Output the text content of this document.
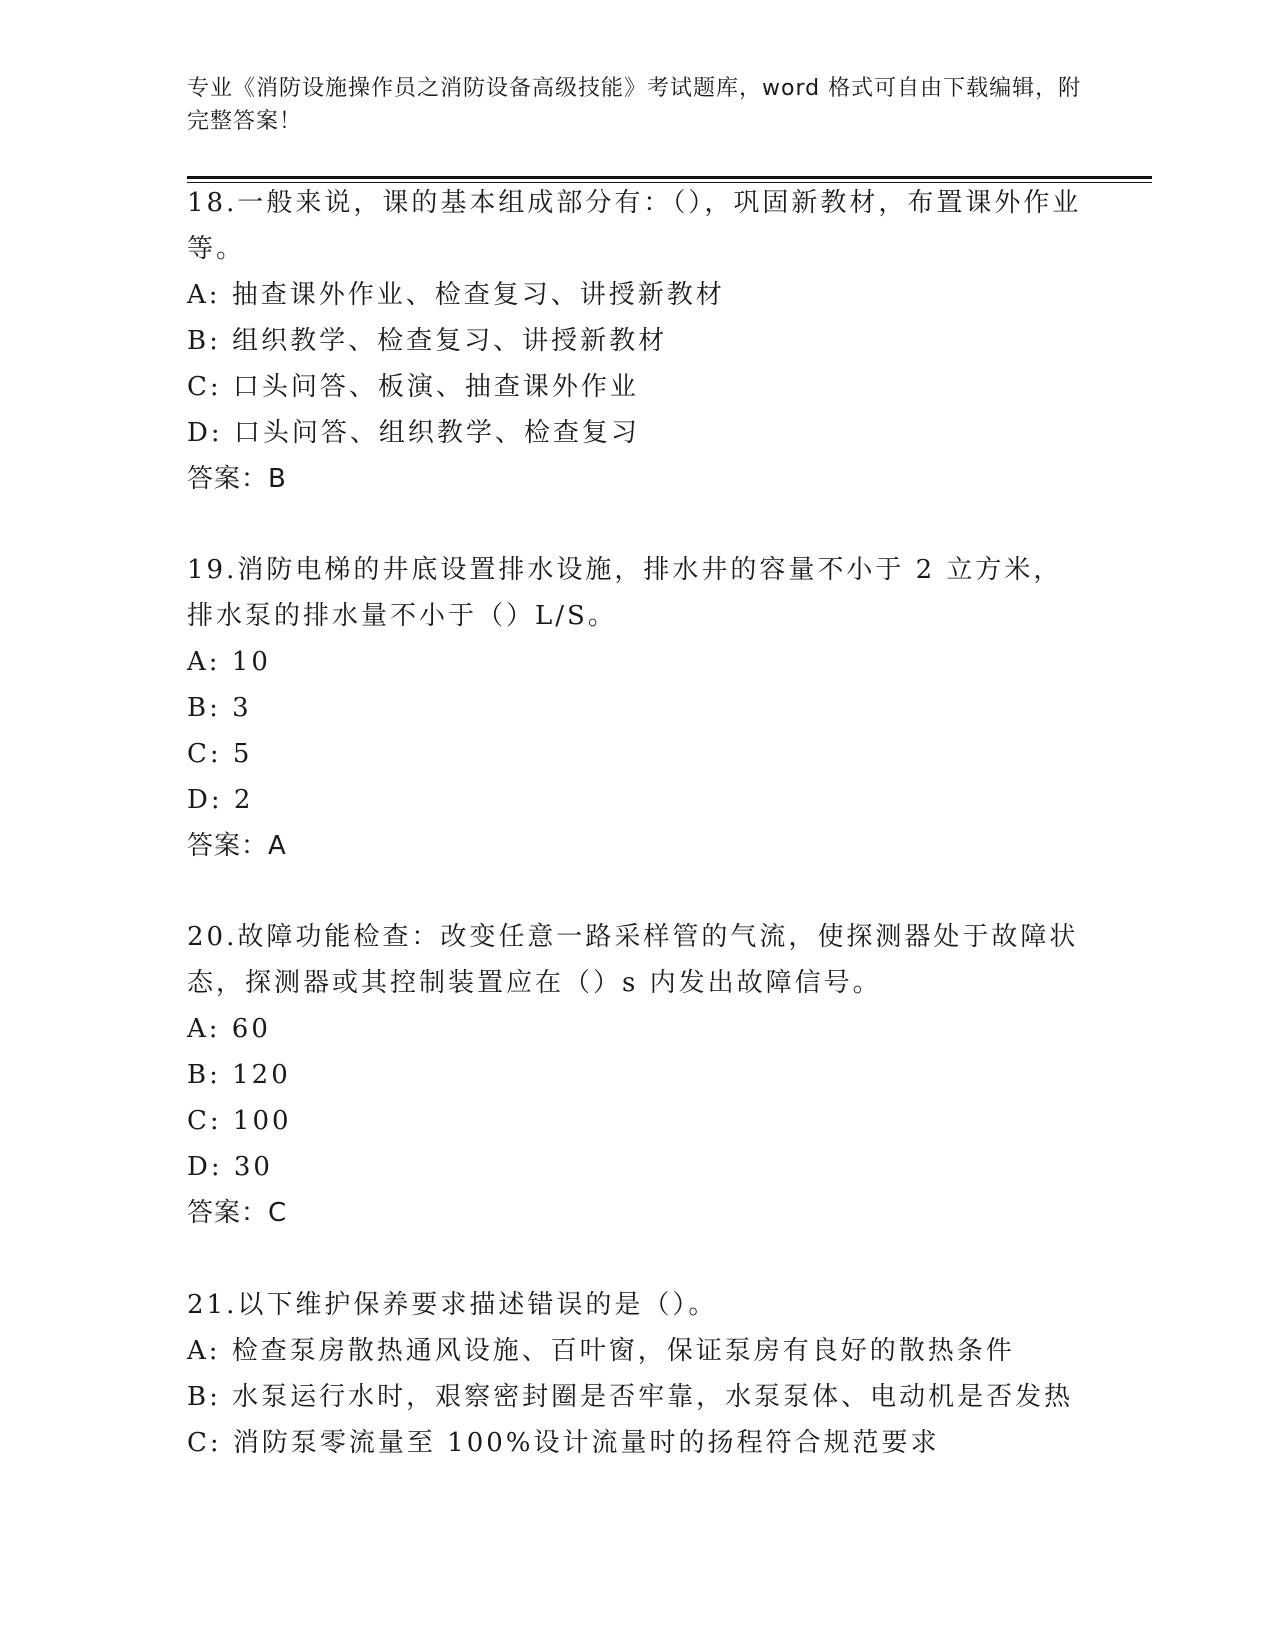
专业《消防设施操作员之消防设备高级技能》考试题库，word 格式可自由下载编辑，附完整答案！
18.一般来说，课的基本组成部分有：（），巩固新教材，布置课外作业等。
A: 抽查课外作业、检查复习、讲授新教材
B: 组织教学、检查复习、讲授新教材
C: 口头问答、板演、抽查课外作业
D: 口头问答、组织教学、检查复习
答案：B
19.消防电梯的井底设置排水设施，排水井的容量不小于 2 立方米，排水泵的排水量不小于（）L/S。
A: 10
B: 3
C: 5
D: 2
答案：A
20.故障功能检查：改变任意一路采样管的气流，使探测器处于故障状态，探测器或其控制装置应在（）s 内发出故障信号。
A: 60
B: 120
C: 100
D: 30
答案：C
21.以下维护保养要求描述错误的是（）。
A: 检查泵房散热通风设施、百叶窗，保证泵房有良好的散热条件
B: 水泵运行水时，艰察密封圈是否牢靠，水泵泵体、电动机是否发热
C: 消防泵零流量至 100%设计流量时的扬程符合规范要求
